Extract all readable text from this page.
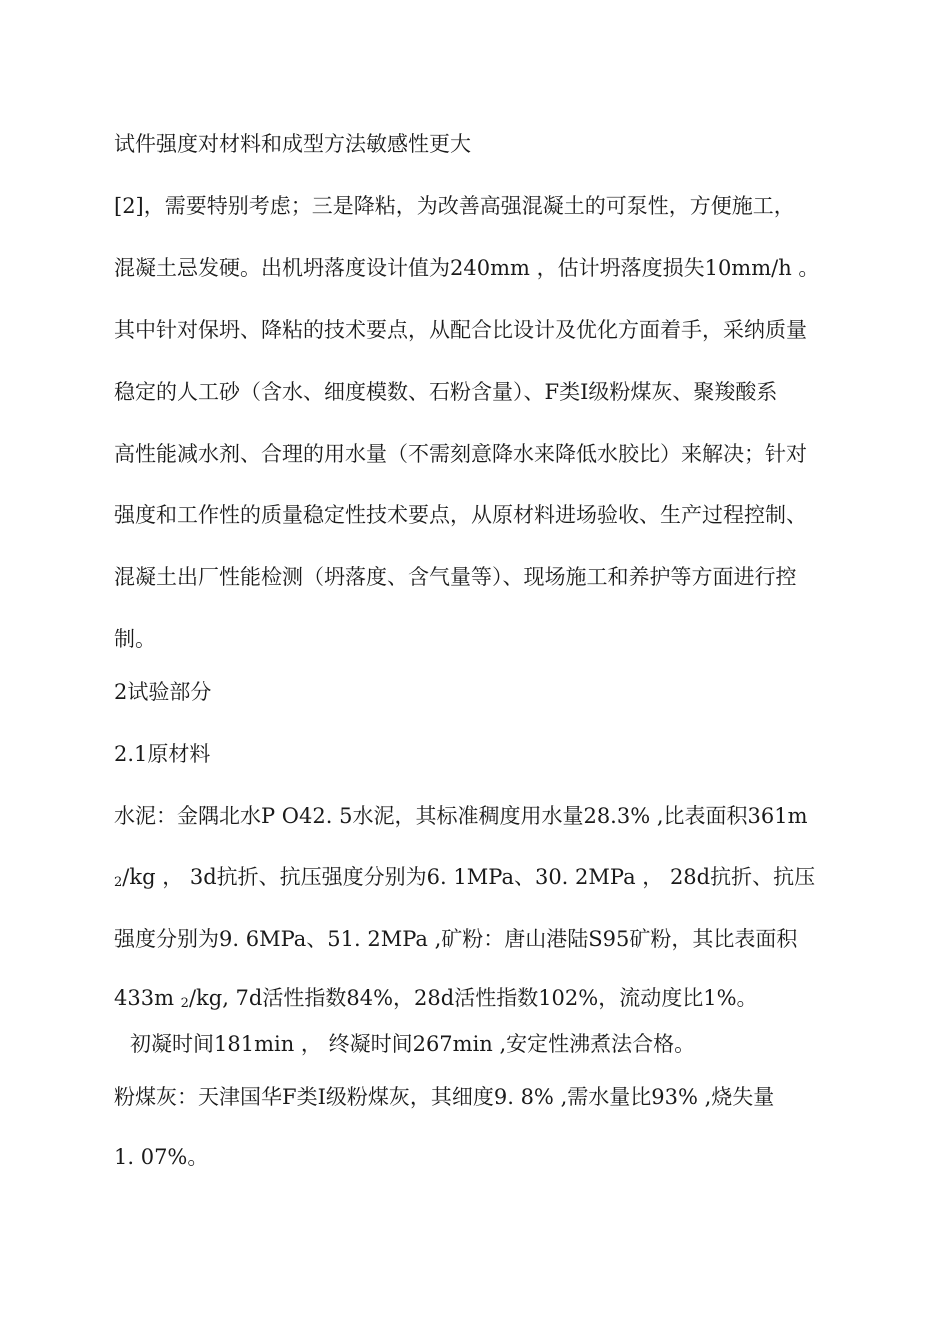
试件强度对材料和成型方法敏感性更大
[2]，需要特别考虑；三是降粘，为改善高强混凝土的可泵性，方便施工，
混凝土忌发硬。出机坍落度设计值为240mm ，估计坍落度损失10mm/h 。
其中针对保坍、降粘的技术要点，从配合比设计及优化方面着手，采纳质量
稳定的人工砂（含水、细度模数、石粉含量）、F类Ⅰ级粉煤灰、聚羧酸系
高性能减水剂、合理的用水量（不需刻意降水来降低水胶比）来解决；针对
强度和工作性的质量稳定性技术要点，从原材料进场验收、生产过程控制、
混凝土出厂性能检测（坍落度、含气量等）、现场施工和养护等方面进行控
制。
2试验部分
2.1原材料
水泥：金隅北水P O42. 5水泥，其标准稠度用水量28.3% ,比表面积361m
2/kg ， 3d抗折、抗压强度分别为6. 1MPa、30. 2MPa ， 28d抗折、抗压
强度分别为9. 6MPa、51. 2MPa ,矿粉：唐山港陆S95矿粉，其比表面积
433m 2/kg, 7d活性指数84%，28d活性指数102%，流动度比1%。
初凝时间181min ， 终凝时间267min ,安定性沸煮法合格。
粉煤灰：天津国华F类Ⅰ级粉煤灰，其细度9. 8% ,需水量比93% ,烧失量
1. 07%。
